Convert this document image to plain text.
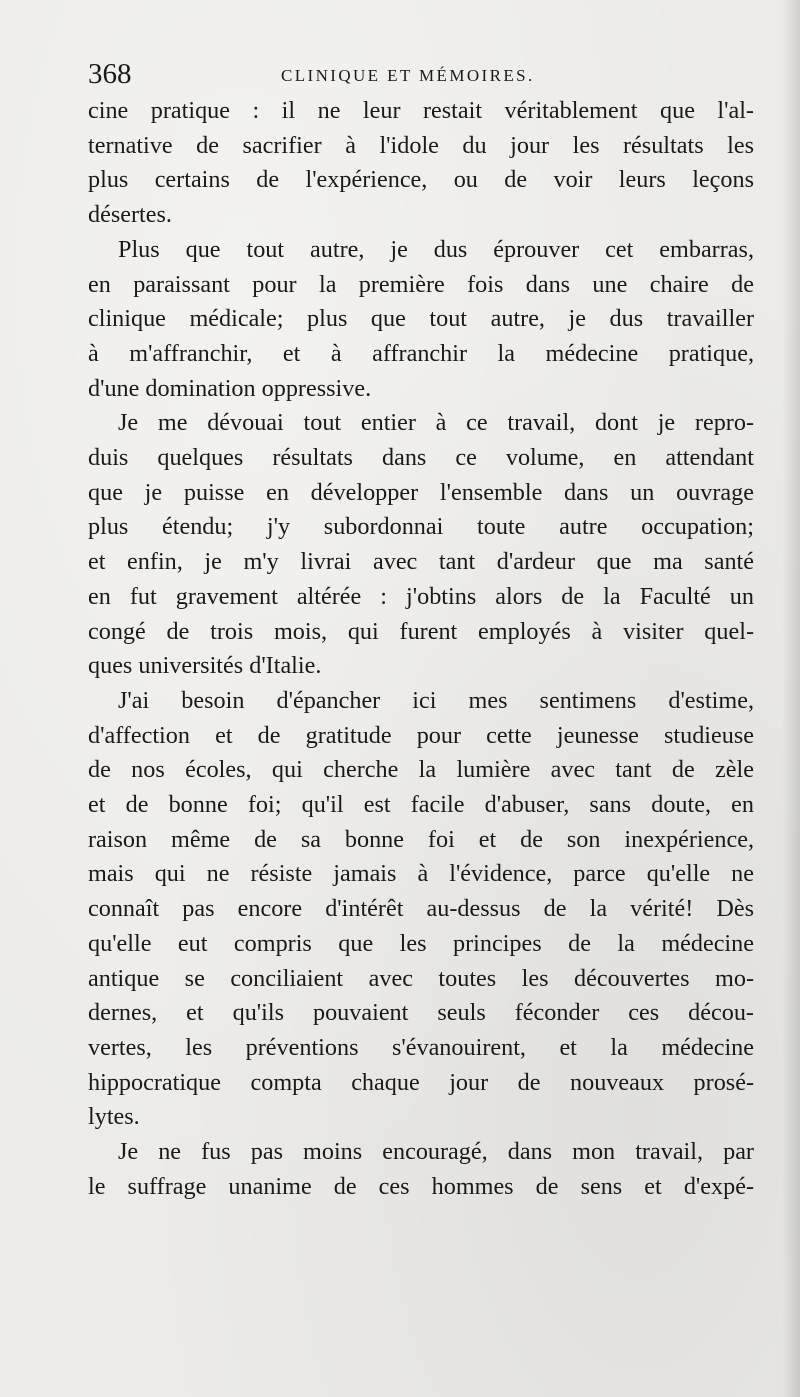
368	CLINIQUE ET MÉMOIRES.
cine pratique : il ne leur restait véritablement que l'al-
ternative de sacrifier à l'idole du jour les résultats les
plus certains de l'expérience, ou de voir leurs leçons
désertes.
Plus que tout autre, je dus éprouver cet embarras,
en paraissant pour la première fois dans une chaire de
clinique médicale; plus que tout autre, je dus travailler
à m'affranchir, et à affranchir la médecine pratique,
d'une domination oppressive.
Je me dévouai tout entier à ce travail, dont je repro-
duis quelques résultats dans ce volume, en attendant
que je puisse en développer l'ensemble dans un ouvrage
plus étendu; j'y subordonnai toute autre occupation;
et enfin, je m'y livrai avec tant d'ardeur que ma santé
en fut gravement altérée : j'obtins alors de la Faculté un
congé de trois mois, qui furent employés à visiter quel-
ques universités d'Italie.
J'ai besoin d'épancher ici mes sentimens d'estime,
d'affection et de gratitude pour cette jeunesse studieuse
de nos écoles, qui cherche la lumière avec tant de zèle
et de bonne foi; qu'il est facile d'abuser, sans doute, en
raison même de sa bonne foi et de son inexpérience,
mais qui ne résiste jamais à l'évidence, parce qu'elle ne
connaît pas encore d'intérêt au-dessus de la vérité! Dès
qu'elle eut compris que les principes de la médecine
antique se conciliaient avec toutes les découvertes mo-
dernes, et qu'ils pouvaient seuls féconder ces décou-
vertes, les préventions s'évanouirent, et la médecine
hippocratique compta chaque jour de nouveaux prosé-
lytes.
Je ne fus pas moins encouragé, dans mon travail, par
le suffrage unanime de ces hommes de sens et d'expé-
